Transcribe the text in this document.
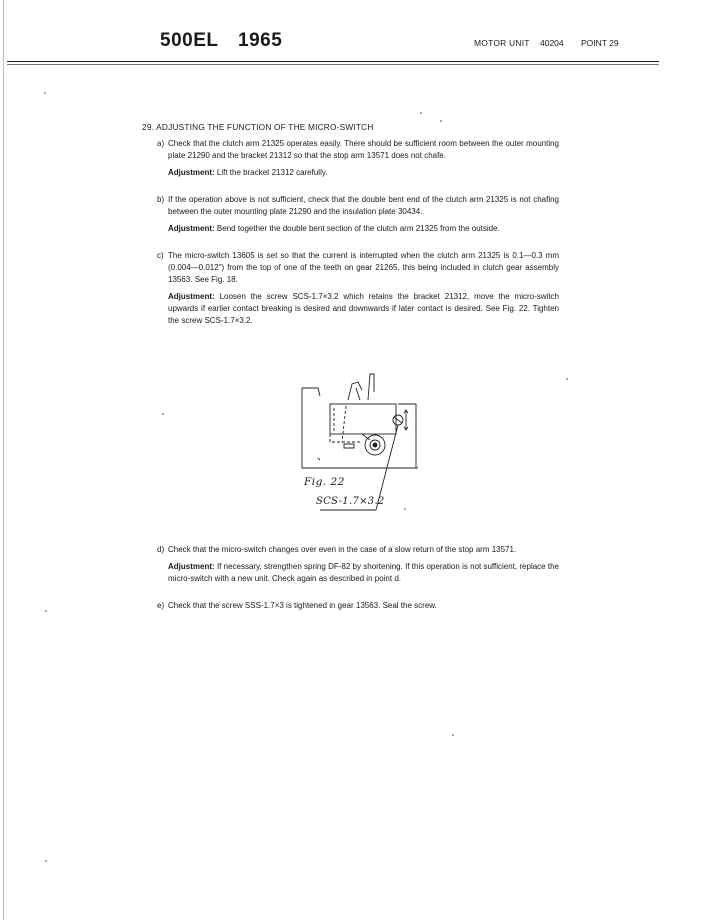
500EL 1965	MOTOR UNIT 40204 POINT 29
29. ADJUSTING THE FUNCTION OF THE MICRO-SWITCH
a) Check that the clutch arm 21325 operates easily. There should be sufficient room between the outer mounting plate 21290 and the bracket 21312 so that the stop arm 13571 does not chafe.
Adjustment: Lift the bracket 21312 carefully.
b) If the operation above is not sufficient, check that the double bent end of the clutch arm 21325 is not chafing between the outer mounting plate 21290 and the insulation plate 30434.
Adjustment: Bend together the double bent section of the clutch arm 21325 from the outside.
c) The micro-switch 13605 is set so that the current is interrupted when the clutch arm 21325 is 0.1—0.3 mm (0.004—0.012") from the top of one of the teeth on gear 21265, this being included in clutch gear assembly 13563. See Fig. 18.
Adjustment: Loosen the screw SCS-1.7×3.2 which retains the bracket 21312, move the micro-switch upwards if earlier contact breaking is desired and downwards if later contact is desired. See Fig. 22. Tighten the screw SCS-1.7×3.2.
Fig. 22
SCS-1.7×3.2
d) Check that the micro-switch changes over even in the case of a slow return of the stop arm 13571.
Adjustment: If necessary, strengthen spring DF-82 by shortening. If this operation is not sufficient, replace the micro-switch with a new unit. Check again as described in point d.
e) Check that the screw SSS-1.7×3 is tightened in gear 13563. Seal the screw.
